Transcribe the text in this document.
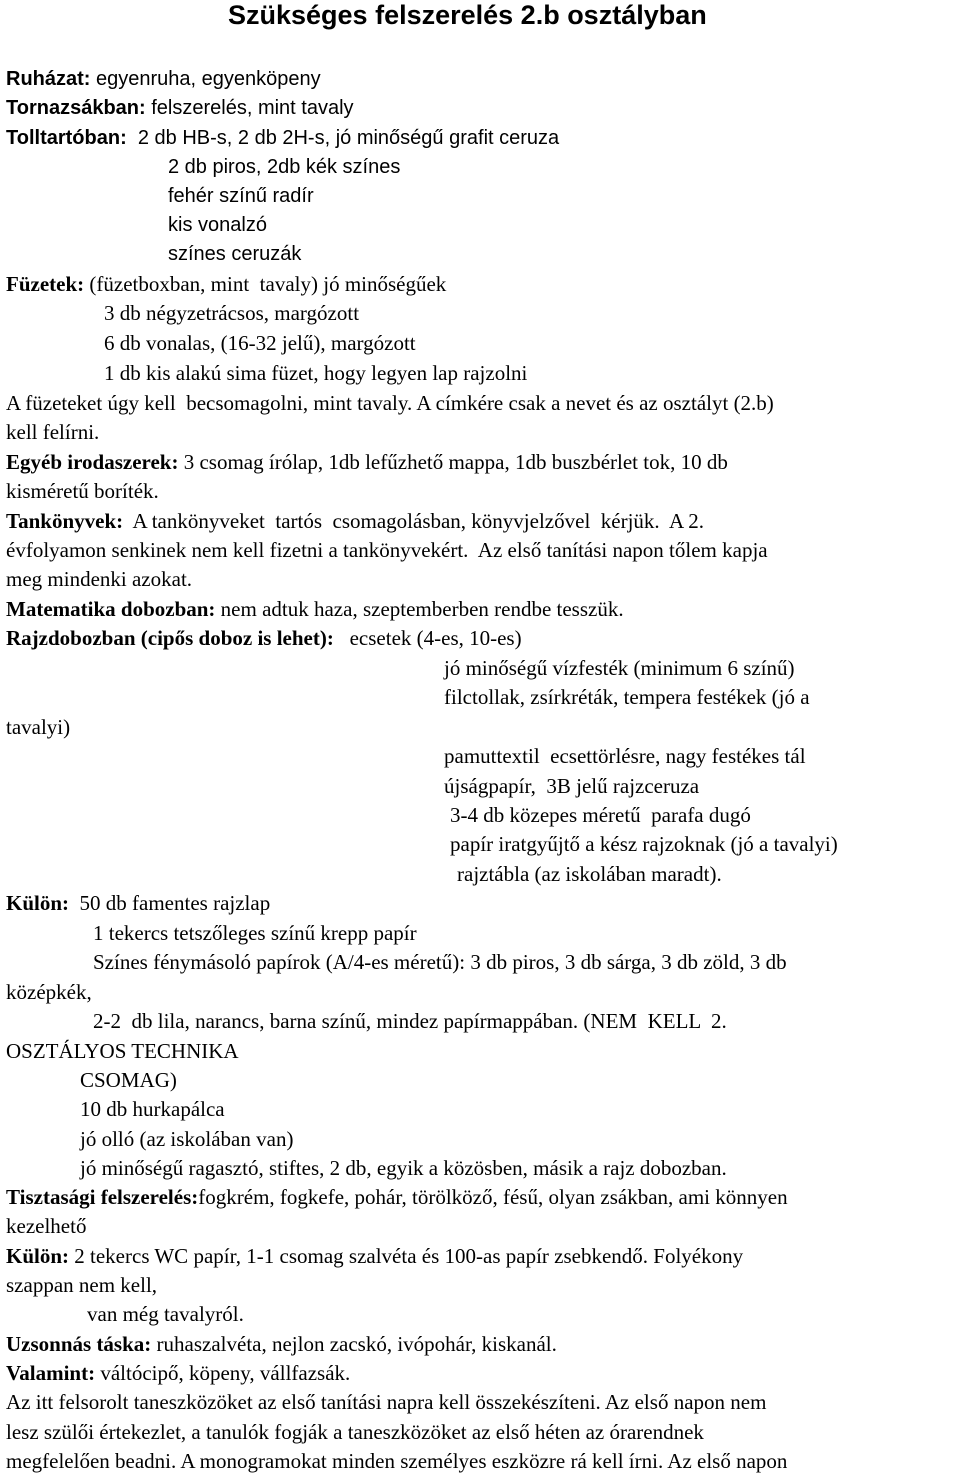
Szükséges felszerelés 2.b osztályban
Ruházat: egyenruha, egyenköpeny
Tornazsákban: felszerelés, mint tavaly
Tolltartóban:  2 db HB-s, 2 db 2H-s, jó minőségű grafit ceruza
2 db piros, 2db kék színes
fehér színű radír
kis vonalzó
színes ceruzák
Füzetek: (füzetboxban, mint  tavaly) jó minőségűek
3 db négyzetrácsos, margózott
6 db vonalas, (16-32 jelű), margózott
1 db kis alakú sima füzet, hogy legyen lap rajzolni
A füzeteket úgy kell  becsomagolni, mint tavaly. A címkére csak a nevet és az osztályt (2.b)
kell felírni.
Egyéb irodaszerek: 3 csomag írólap, 1db lefűzhető mappa, 1db buszbérlet tok, 10 db
kisméretű boríték.
Tankönyvek:  A tankönyveket  tartós  csomagolásban, könyvjelzővel  kérjük.  A 2.
évfolyamon senkinek nem kell fizetni a tankönyvekért.  Az első tanítási napon tőlem kapja
meg mindenki azokat.
Matematika dobozban: nem adtuk haza, szeptemberben rendbe tesszük.
Rajzdobozban (cipős doboz is lehet):   ecsetek (4-es, 10-es)
jó minőségű vízfesték (minimum 6 színű)
filctollak, zsírkréták, tempera festékek (jó a
tavalyi)
pamuttextil  ecsettörlésre, nagy festékes tál
újságpapír,  3B jelű rajzceruza
3-4 db közepes méretű  parafa dugó
papír iratgyűjtő a kész rajzoknak (jó a tavalyi)
rajztábla (az iskolában maradt).
Külön:  50 db famentes rajzlap
1 tekercs tetszőleges színű krepp papír
Színes fénymásoló papírok (A/4-es méretű): 3 db piros, 3 db sárga, 3 db zöld, 3 db
középkék,
2-2  db lila, narancs, barna színű, mindez papírmappában. (NEM  KELL  2.
OSZTÁLYOS TECHNIKA
CSOMAG)
10 db hurkapálca
jó olló (az iskolában van)
jó minőségű ragasztó, stiftes, 2 db, egyik a közösben, másik a rajz dobozban.
Tisztasági felszerelés:fogkrém, fogkefe, pohár, törölköző, fésű, olyan zsákban, ami könnyen
kezelhető
Külön: 2 tekercs WC papír, 1-1 csomag szalvéta és 100-as papír zsebkendő. Folyékony
szappan nem kell,
van még tavalyról.
Uzsonnás táska: ruhaszalvéta, nejlon zacskó, ivópohár, kiskanál.
Valamint: váltócipő, köpeny, vállfazsák.
Az itt felsorolt taneszközöket az első tanítási napra kell összekészíteni. Az első napon nem
lesz szülői értekezlet, a tanulók fogják a taneszközöket az első héten az órarendnek
megfelelően beadni. A monogramokat minden személyes eszközre rá kell írni. Az első napon
